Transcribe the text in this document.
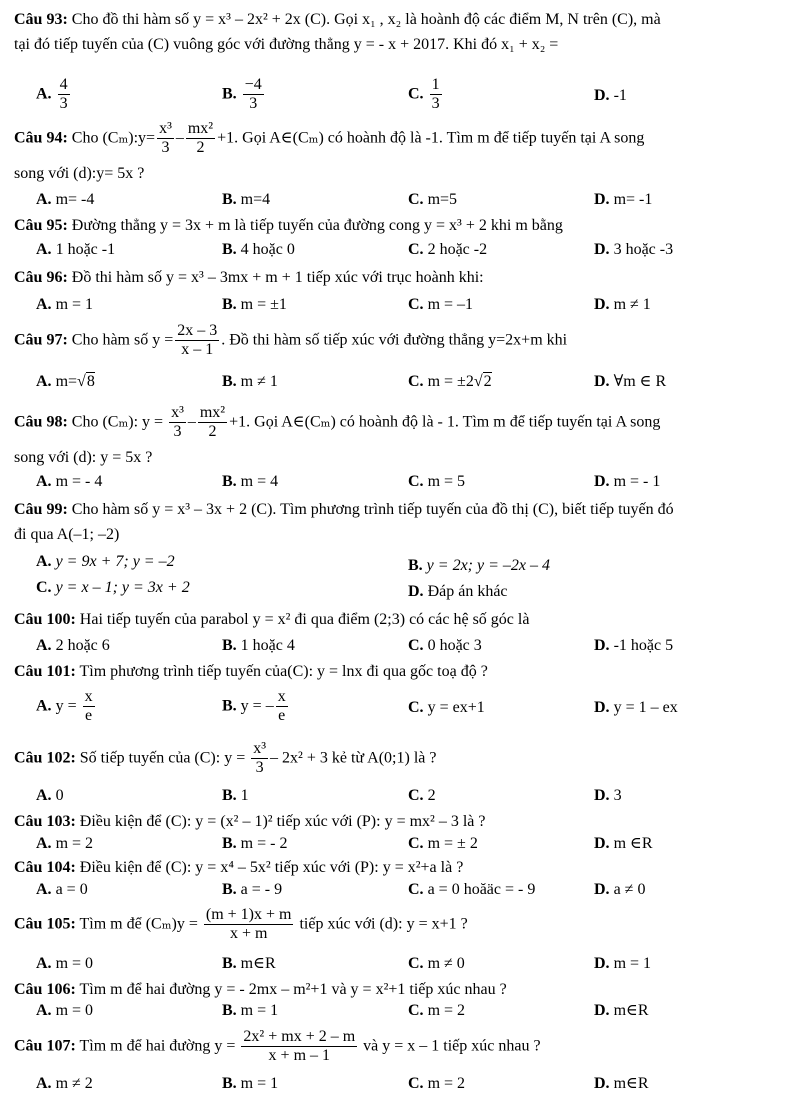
Câu 93: Cho đồ thi hàm số y = x³ – 2x² + 2x (C). Gọi x₁ , x₂ là hoành độ các điểm M, N trên (C), mà
tại đó tiếp tuyến của (C) vuông góc với đường thẳng y = - x + 2017. Khi đó x₁ + x₂ =
A. $\frac{4}{3}$	B. $\frac{-4}{3}$	C. $\frac{1}{3}$	D. -1
Câu 94: Cho (Cₘ):y= $\frac{\text{x³}}{3} - \frac{\text{mx²}}{2} +1$. Gọi A∈(Cₘ) có hoành độ là -1. Tìm m để tiếp tuyến tại A song
song với (d):y= 5x ?
A. m= -4	B. m=4	C. m=5	D. m= -1
Câu 95: Đường thẳng y = 3x + m là tiếp tuyến của đường cong y = x³ + 2 khi m bằng
A. 1 hoặc -1	B. 4 hoặc 0	C. 2 hoặc -2	D. 3 hoặc -3
Câu 96: Đồ thi hàm số y = x³ – 3mx + m + 1 tiếp xúc với trục hoành khi:
A. m = 1	B. m = ±1	C. m = –1	D. m ≠ 1
Câu 97: Cho hàm số $y = \frac{2x - 3}{x - 1}$ . Đồ thi hàm số tiếp xúc với đường thẳng y=2x+m khi
A. m=√8	B. m ≠ 1	C. m = ±2√2	D. ∀m ∈ R
Câu 98: Cho (Cₘ): $y = \frac{\text{x³}}{3} - \frac{\text{mx²}}{2} +1$. Gọi A∈(Cₘ) có hoành độ là - 1. Tìm m để tiếp tuyến tại A song
song với (d): y = 5x ?
A. m = - 4	B. m = 4	C. m = 5	D. m = - 1
Câu 99: Cho hàm số y = x³ – 3x + 2 (C). Tìm phương trình tiếp tuyến của đồ thị (C), biết tiếp tuyến đó
đi qua A(–1; –2)
A. y = 9x + 7; y = –2	B. y = 2x; y = –2x – 4
C. y = x – 1; y = 3x + 2	D. Đáp án khác
Câu 100: Hai tiếp tuyến của parabol y = x² đi qua điểm (2;3) có các hệ số góc là
A. 2 hoặc 6	B. 1 hoặc 4	C. 0 hoặc 3	D. -1 hoặc 5
Câu 101: Tìm phương trình tiếp tuyến của(C): y = lnx đi qua gốc toạ độ ?
A. $y = \frac{x}{e}$	B. y = – $\frac{x}{e}$	C. y = ex+1	D. y = 1 – ex
Câu 102: Số tiếp tuyến của (C): $y = \frac{\text{x³}}{3} - 2x^2 + 3$ kẻ từ A(0;1) là ?
A. 0	B. 1	C. 2	D. 3
Câu 103: Điều kiện để (C): y = (x² – 1)² tiếp xúc với (P): y = mx² – 3 là ?
A. m = 2	B. m = - 2	C. m = ± 2	D. m ∈R
Câu 104: Điều kiện để (C): y = x⁴ – 5x² tiếp xúc với (P): y = x²+a là ?
A. a = 0	B. a = - 9	C. a = 0 hoăäc = - 9	D. a ≠ 0
Câu 105: Tìm m để $(C_m)y = \frac{(m + 1)x + m}{x + m}$ tiếp xúc với (d): y = x+1 ?
A. m = 0	B. m∈R	C. m ≠ 0	D. m = 1
Câu 106: Tìm m để hai đường y = - 2mx – m²+1 và y = x²+1 tiếp xúc nhau ?
A. m = 0	B. m = 1	C. m = 2	D. m∈R
Câu 107: Tìm m để hai đường $y = \frac{\text{2x² + mx + 2 – m}}{x + m - 1}$ và y = x – 1 tiếp xúc nhau ?
A. m ≠ 2	B. m = 1	C. m = 2	D. m∈R
